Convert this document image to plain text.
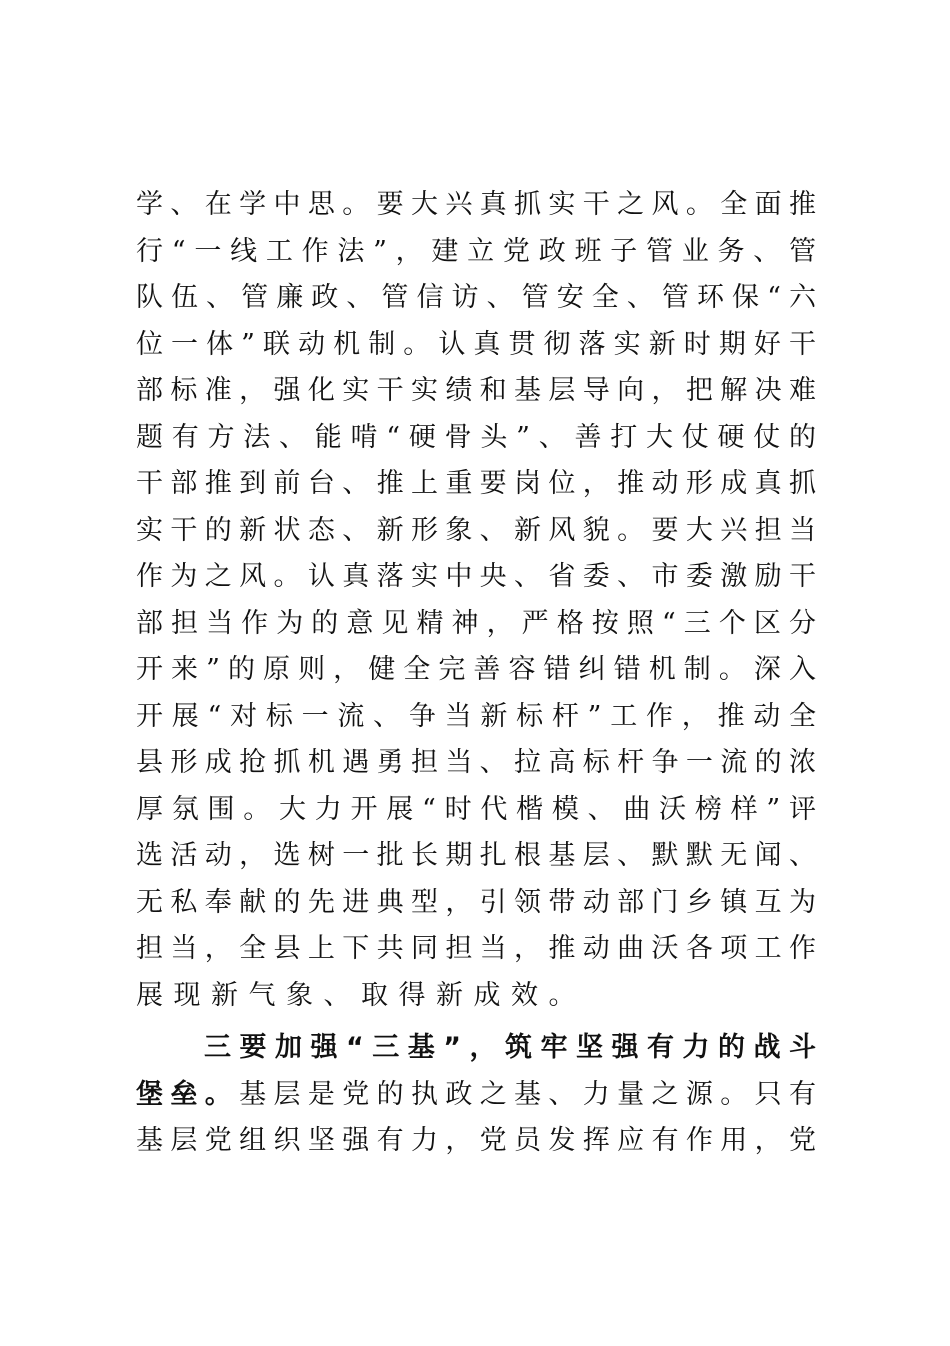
学、在学中思。要大兴真抓实干之风。全面推
行“一线工作法”，建立党政班子管业务、管
队伍、管廉政、管信访、管安全、管环保“六
位一体”联动机制。认真贯彻落实新时期好干
部标准，强化实干实绩和基层导向，把解决难
题有方法、能啃“硬骨头”、善打大仗硬仗的
干部推到前台、推上重要岗位，推动形成真抓
实干的新状态、新形象、新风貌。要大兴担当
作为之风。认真落实中央、省委、市委激励干
部担当作为的意见精神，严格按照“三个区分
开来”的原则，健全完善容错纠错机制。深入
开展“对标一流、争当新标杆”工作，推动全
县形成抢抓机遇勇担当、拉高标杆争一流的浓
厚氛围。大力开展“时代楷模、曲沃榜样”评
选活动，选树一批长期扎根基层、默默无闻、
无私奉献的先进典型，引领带动部门乡镇互为
担当，全县上下共同担当，推动曲沃各项工作
展现新气象、取得新成效。
三要加强“三基”，筑牢坚强有力的战斗
堡垒。基层是党的执政之基、力量之源。只有
基层党组织坚强有力，党员发挥应有作用，党
